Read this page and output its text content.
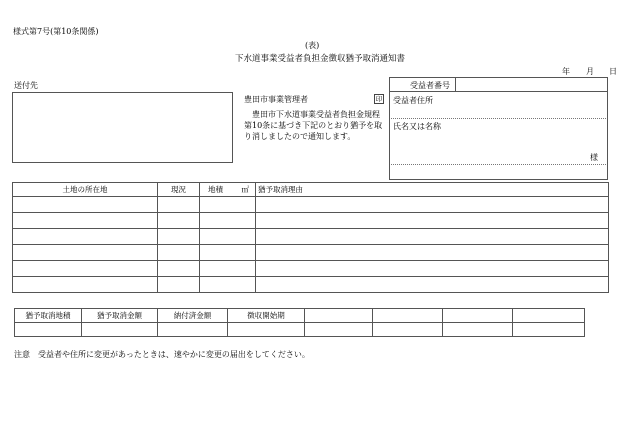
様式第7号(第10条関係)
(表)
下水道事業受益者負担金徴収猶予取消通知書
年 月 日
送付先
豊田市事業管理者	印
豊田市下水道事業受益者負担金規程第10条に基づき下記のとおり猶予を取り消しましたので通知します。
受益者番号
受益者住所
氏名又は名称
様
土地の所在地	現況	地積 ㎡	猶予取消理由

猶予取消地積	猶予取消金額	納付済金額	徴収開始期				

注意　受益者や住所に変更があったときは、速やかに変更の届出をしてください。
